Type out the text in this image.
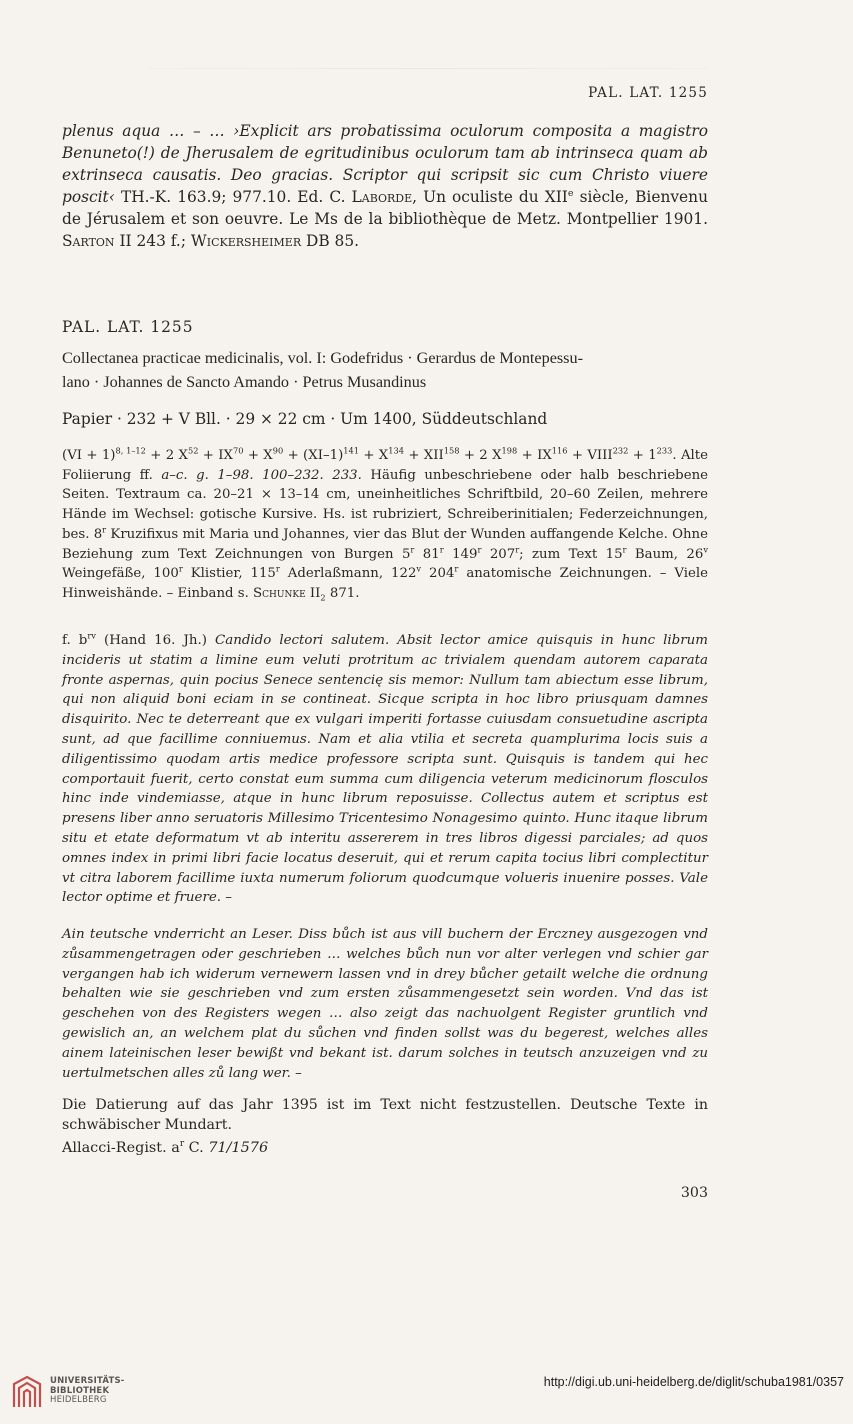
PAL. LAT. 1255
plenus aqua … – … ›Explicit ars probatissima oculorum composita a magistro Benuneto(!) de Jherusalem de egritudinibus oculorum tam ab intrinseca quam ab extrinseca causatis. Deo gracias. Scriptor qui scripsit sic cum Christo viuere poscit‹ TH.-K. 163.9; 977.10. Ed. C. Laborde, Un oculiste du XIIe siècle, Bienvenu de Jérusalem et son oeuvre. Le Ms de la bibliothèque de Metz. Montpellier 1901. Sarton II 243 f.; Wickersheimer DB 85.
PAL. LAT. 1255
Collectanea practicae medicinalis, vol. I: Godefridus · Gerardus de Montepessu-
lano · Johannes de Sancto Amando · Petrus Musandinus
Papier · 232 + V Bll. · 29 × 22 cm · Um 1400, Süddeutschland
(VI + 1)$^{8, 1-12}$ + 2 $X^{52} + IX^{70} + X^{90} + (XI-1)^{141} + X^{134} + XII^{158} + 2$ $X^{198} + IX^{116}$ + $VIII^{232} + 1^{233}$. Alte Foliierung ff. a–c. g. 1–98. 100–232. 233. Häufig unbeschriebene oder halb beschriebene Seiten. Textraum ca. 20–21 × 13–14 cm, uneinheitliches Schriftbild, 20–60 Zeilen, mehrere Hände im Wechsel: gotische Kursive. Hs. ist rubriziert, Schreiberinitialen; Federzeichnungen, bes. 8$^r$ Kruzifixus mit Maria und Johannes, vier das Blut der Wunden auffangende Kelche. Ohne Beziehung zum Text Zeichnungen von Burgen 5$^r$ 81$^r$ 149$^r$ 207$^r$; zum Text 15$^r$ Baum, 26$^v$ Weingefäße, 100$^r$ Klistier, 115$^r$ Aderlaßmann, 122$^v$ 204$^r$ anatomische Zeichnungen. – Viele Hinweishände. – Einband s. Schunke $II_2$ 871.
f. $b^{rv}$ (Hand 16. Jh.) Candido lectori salutem. Absit lector amice quisquis in hunc librum incideris ut statim a limine eum veluti protritum ac trivialem quendam autorem caparata fronte aspernas, quin pocius Senece sentencię sis memor: Nullum tam abiectum esse librum, qui non aliquid boni eciam in se contineat. Sicque scripta in hoc libro priusquam damnes disquirito. Nec te deterreant que ex vulgari imperiti fortasse cuiusdam consuetudine ascripta sunt, ad que facillime conniuemus. Nam et alia vtilia et secreta quamplurima locis suis a diligentissimo quodam artis medice professore scripta sunt. Quisquis is tandem qui hec comportauit fuerit, certo constat eum summa cum diligencia veterum medicinorum flosculos hinc inde vindemiasse, atque in hunc librum reposuisse. Collectus autem et scriptus est presens liber anno seruatoris Millesimo Tricentesimo Nonagesimo quinto. Hunc itaque librum situ et etate deformatum vt ab interitu assererem in tres libros digessi parciales; ad quos omnes index in primi libri facie locatus deseruit, qui et rerum capita tocius libri complectitur vt citra laborem facillime iuxta numerum foliorum quodcumque volueris inuenire posses. Vale lector optime et fruere. –
Ain teutsche vnderricht an Leser. Diss bůch ist aus vill buchern der Erczney ausgezogen vnd zůsammengetragen oder geschrieben … welches bůch nun vor alter verlegen vnd schier gar vergangen hab ich widerum vernewern lassen vnd in drey bůcher getailt welche die ordnung behalten wie sie geschrieben vnd zum ersten zůsammengesetzt sein worden. Vnd das ist geschehen von des Registers wegen … also zeigt das nachuolgent Register gruntlich vnd gewislich an, an welchem plat du sůchen vnd finden sollst was du begerest, welches alles ainem lateinischen leser bewißt vnd bekant ist. darum solches in teutsch anzuzeigen vnd zu uertulmetschen alles zů lang wer. –
Die Datierung auf das Jahr 1395 ist im Text nicht festzustellen. Deutsche Texte in schwäbischer Mundart.
Allacci-Regist. $a^r$ C. 71/1576
303
UNIVERSITÄTS-
BIBLIOTHEK
HEIDELBERG
http://digi.ub.uni-heidelberg.de/diglit/schuba1981/0357
